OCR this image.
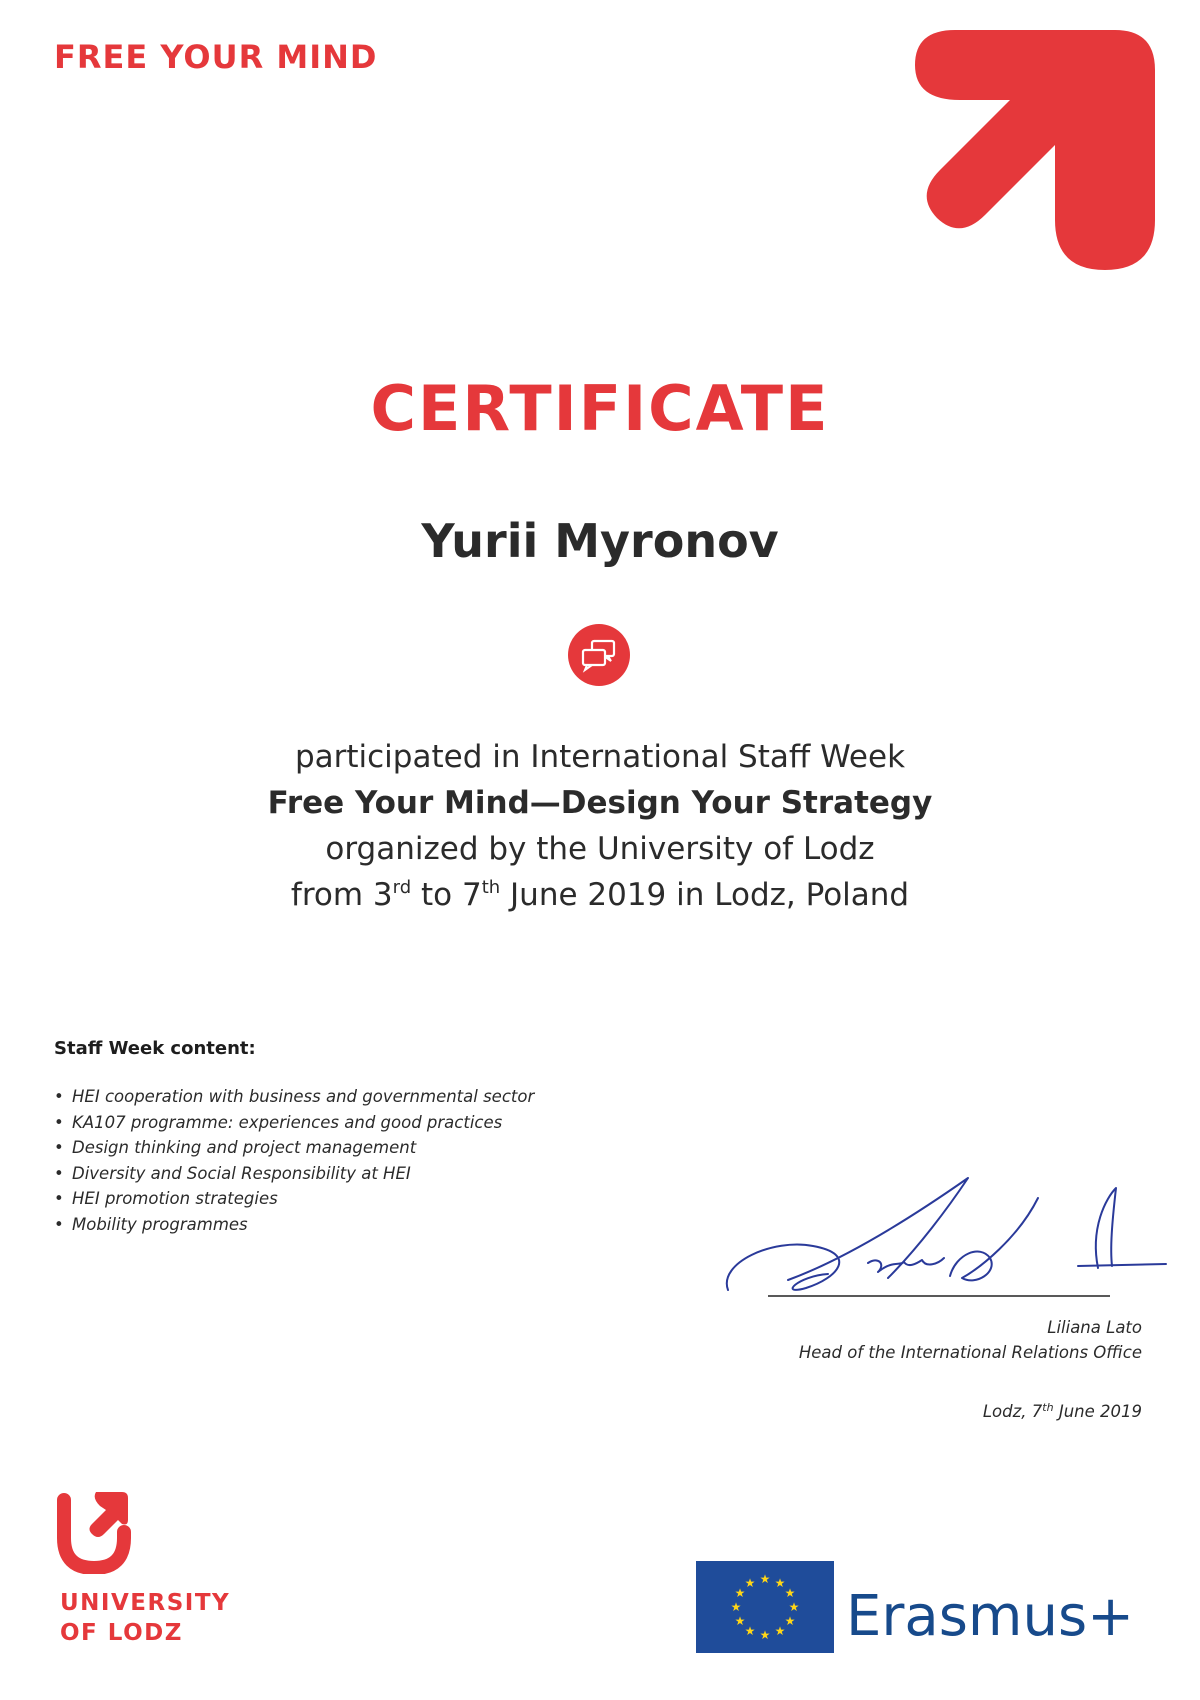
FREE YOUR MIND
CERTIFICATE
Yurii Myronov
participated in International Staff Week
Free Your Mind—Design Your Strategy
organized by the University of Lodz
from 3rd to 7th June 2019 in Lodz, Poland
Staff Week content:
• HEI cooperation with business and governmental sector
• KA107 programme: experiences and good practices
• Design thinking and project management
• Diversity and Social Responsibility at HEI
• HEI promotion strategies
• Mobility programmes
Liliana Lato
Head of the International Relations Office
Lodz, 7th June 2019
UNIVERSITY
OF LODZ
★ ★
★
★
★
★
★
★
★
★
★
★
Erasmus+
